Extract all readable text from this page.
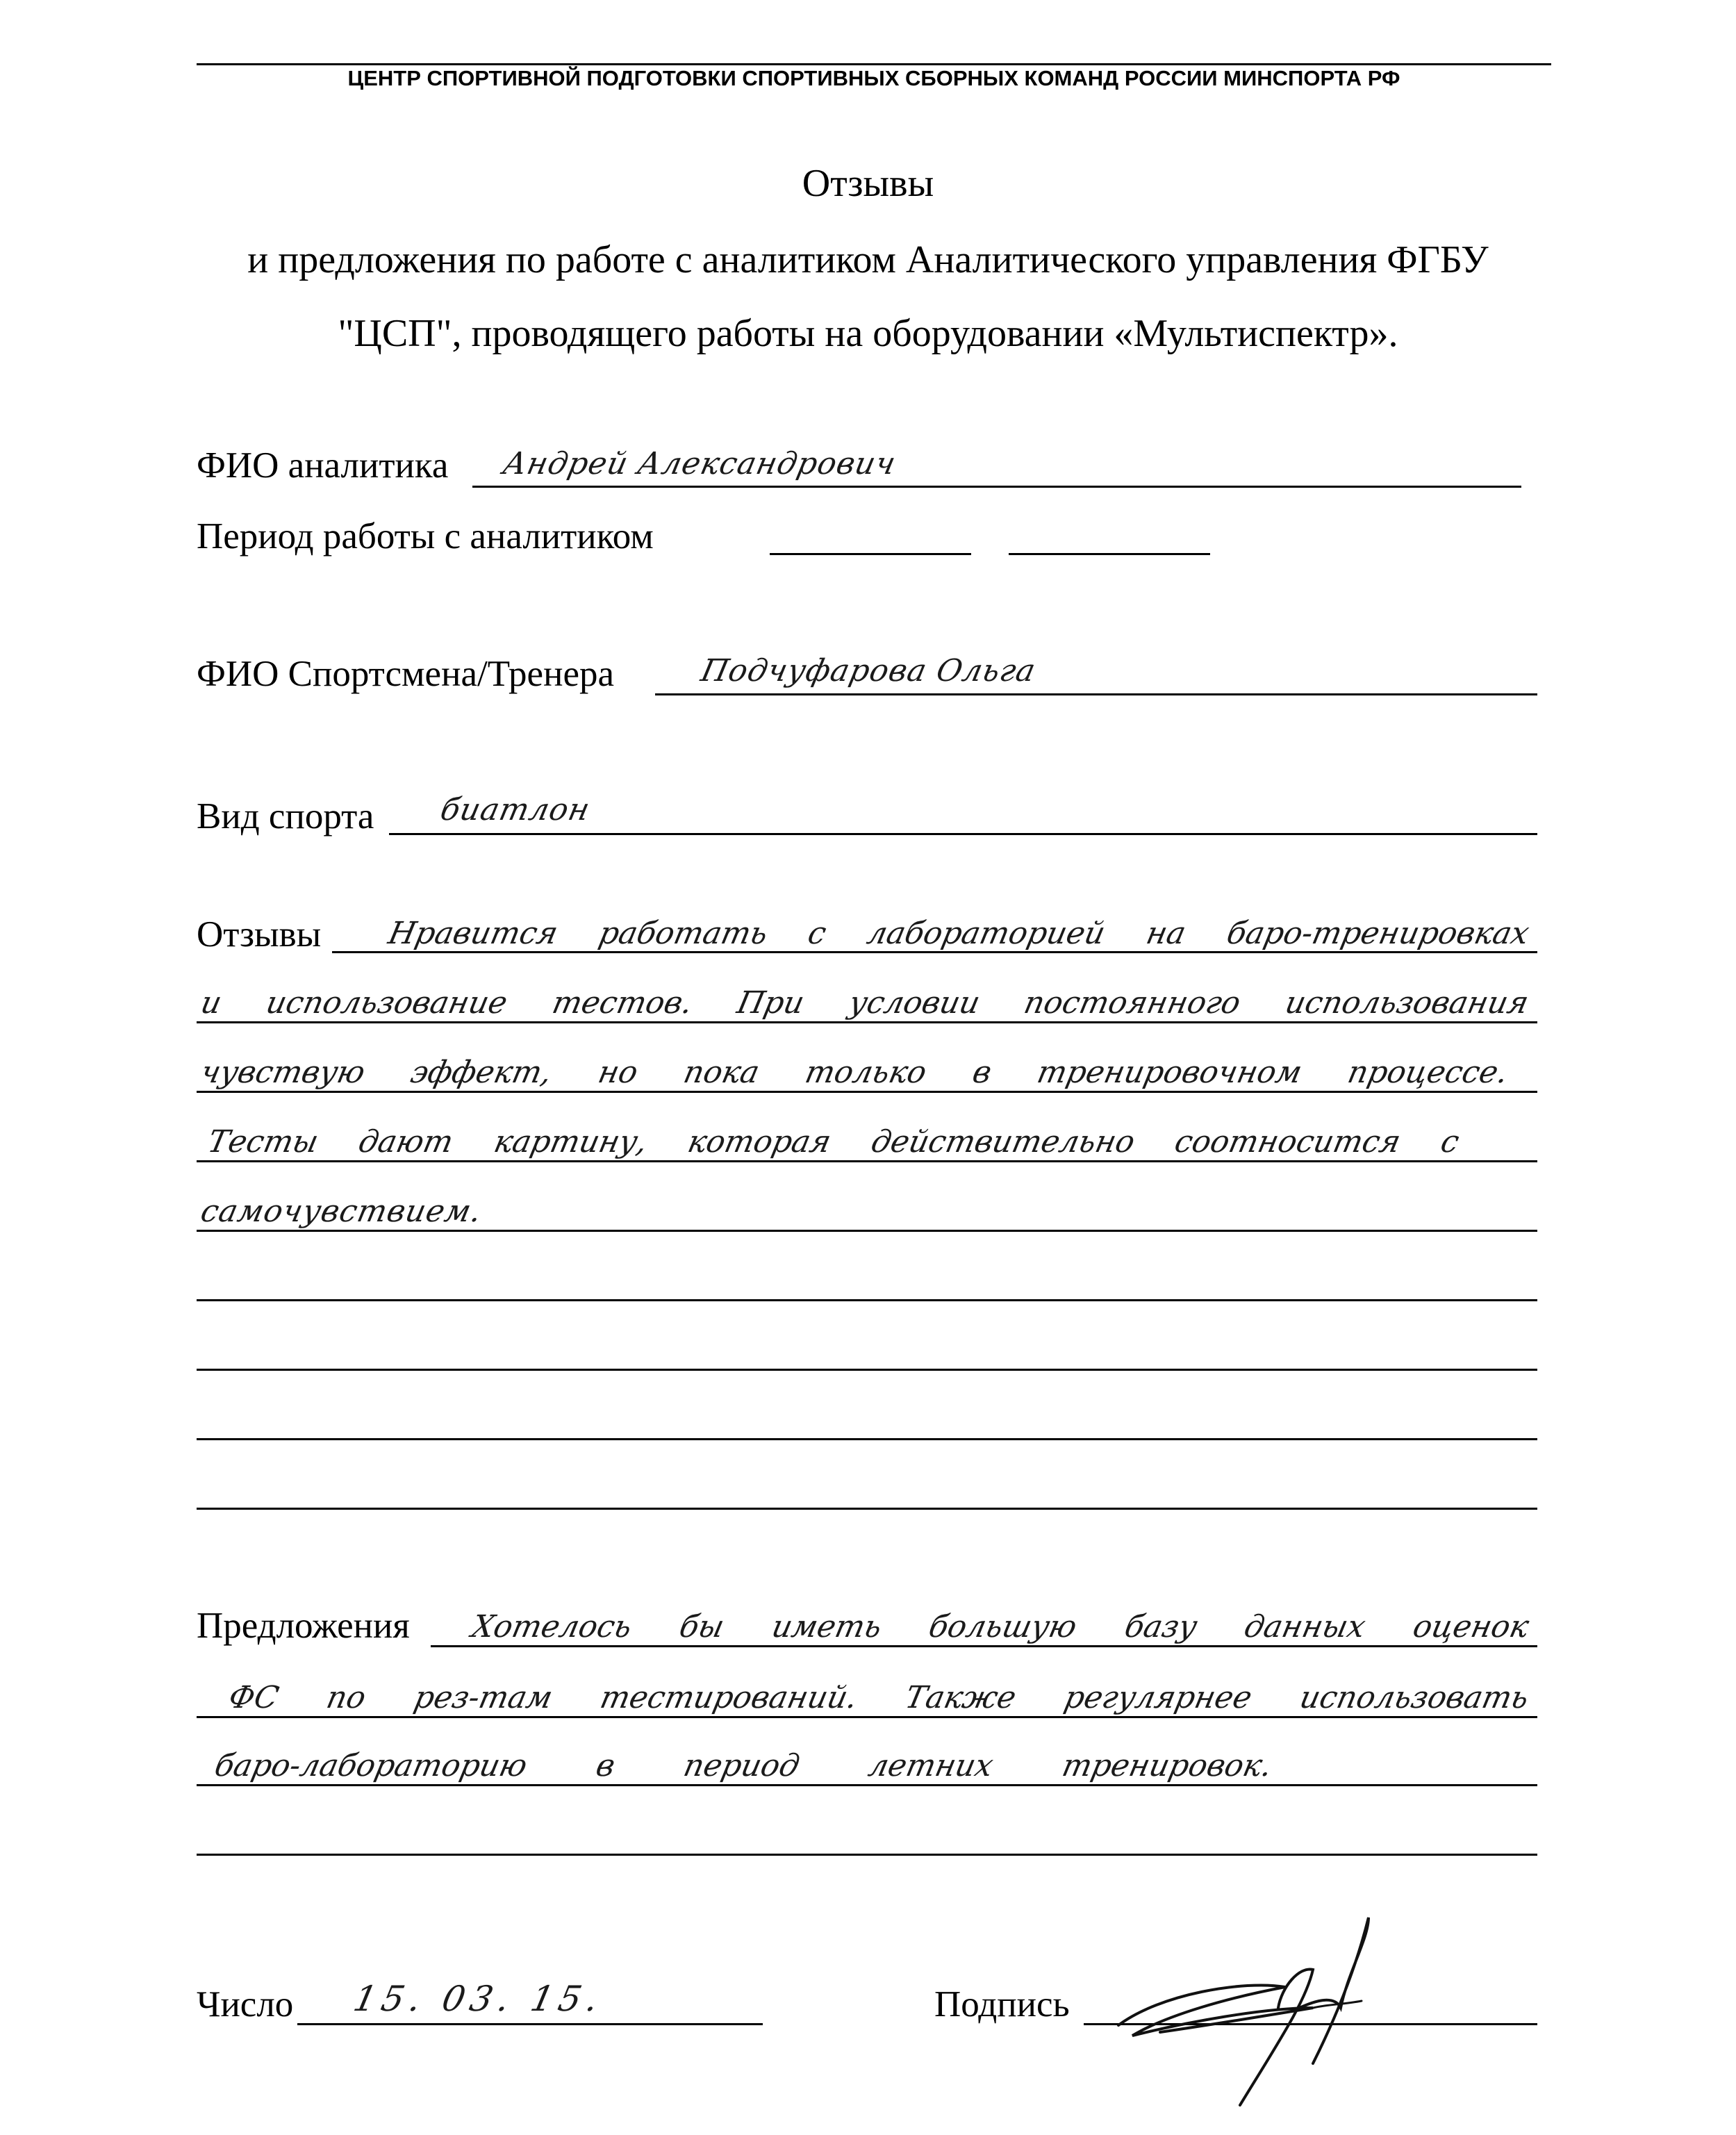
ЦЕНТР СПОРТИВНОЙ ПОДГОТОВКИ СПОРТИВНЫХ СБОРНЫХ КОМАНД РОССИИ МИНСПОРТА РФ
Отзывы
и предложения по работе с аналитиком Аналитического управления ФГБУ
"ЦСП", проводящего работы на оборудовании «Мультиспектр».
ФИО аналитика Андрей Александрович
Период работы с аналитиком
ФИО Спортсмена/Тренера	Подчуфарова Ольга
Вид спорта биатлон
Отзывы Нравится работать с лабораторией на баро-тренировках
и использование тестов. При условии постоянного использования
чувствую эффект, но пока только в тренировочном процессе.
Тесты дают картину, которая действительно соотносится с
самочувствием.
Предложения Хотелось бы иметь большую базу данных оценок
ФС по рез-там тестирований. Также регулярнее использовать
баро-лабораторию в период летних тренировок.
Число 15. 03. 15.	Подпись
